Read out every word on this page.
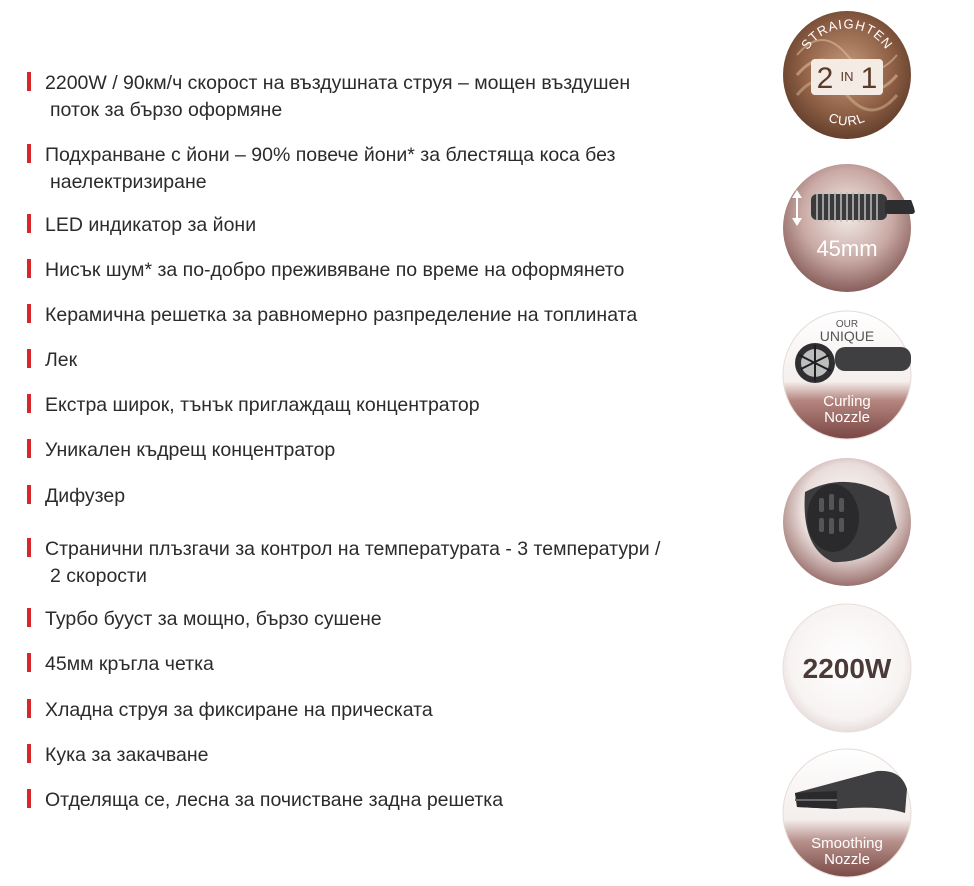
2200W / 90км/ч скорост на въздушната струя – мощен въздушен
поток за бързо оформяне
Подхранване с йони – 90% повече йони* за блестяща коса без
наелектризиране
LED индикатор за йони
Нисък шум* за по-добро преживяване по време на оформянето
Керамична решетка за равномерно разпределение на топлината
Лек
Екстра широк, тънък приглаждащ концентратор
Уникален къдрещ концентратор
Дифузер
Странични плъзгачи за контрол на температурата - 3 температури /
2 скорости
Турбо бууст за мощно, бързо сушене
45мм кръгла четка
Хладна струя за фиксиране на прическата
Кука за закачване
Отделяща се, лесна за почистване задна решетка
STRAIGHTEN
2 IN 1
CURL
45mm
OUR
UNIQUE
Curling
Nozzle
2200W
Smoothing
Nozzle
